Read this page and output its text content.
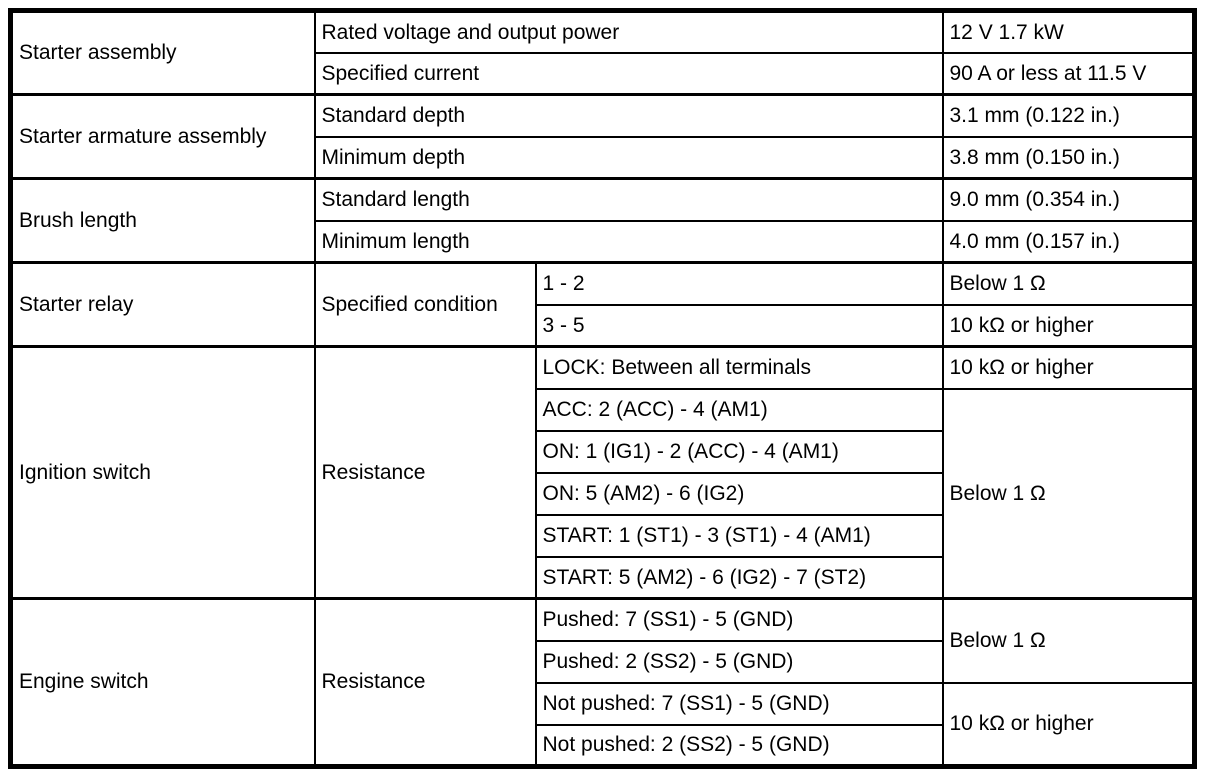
Starter assembly	Rated voltage and output power		12 V 1.7 kW
	Specified current		90 A or less at 11.5 V
Starter armature assembly	Standard depth		3.1 mm (0.122 in.)
	Minimum depth		3.8 mm (0.150 in.)
Brush length	Standard length		9.0 mm (0.354 in.)
	Minimum length		4.0 mm (0.157 in.)
Starter relay	Specified condition	1 - 2	Below 1 Ω
		3 - 5	10 kΩ or higher
Ignition switch	Resistance	LOCK: Between all terminals	10 kΩ or higher
		ACC: 2 (ACC) - 4 (AM1)	Below 1 Ω
		ON: 1 (IG1) - 2 (ACC) - 4 (AM1)	
		ON: 5 (AM2) - 6 (IG2)	
		START: 1 (ST1) - 3 (ST1) - 4 (AM1)	
		START: 5 (AM2) - 6 (IG2) - 7 (ST2)	
Engine switch	Resistance	Pushed: 7 (SS1) - 5 (GND)	Below 1 Ω
		Pushed: 2 (SS2) - 5 (GND)	
		Not pushed: 7 (SS1) - 5 (GND)	10 kΩ or higher
		Not pushed: 2 (SS2) - 5 (GND)	
